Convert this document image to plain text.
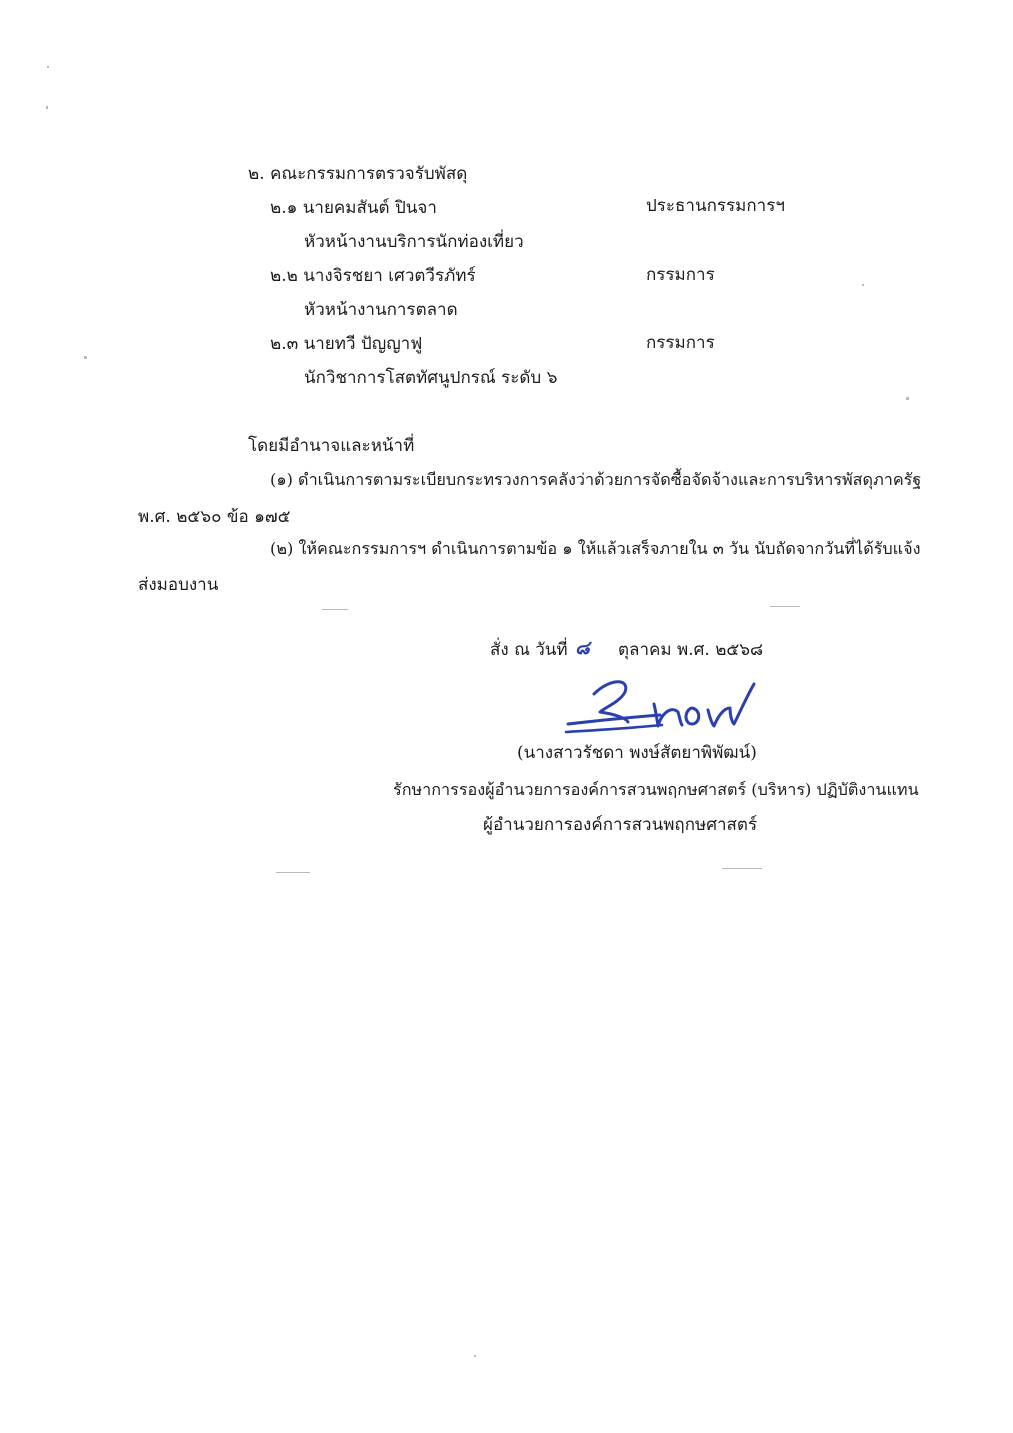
๒. คณะกรรมการตรวจรับพัสดุ
๒.๑ นายคมสันต์ ปินจา	ประธานกรรมการฯ
หัวหน้างานบริการนักท่องเที่ยว
๒.๒ นางจิรชยา เศวตวีรภัทร์	กรรมการ
หัวหน้างานการตลาด
๒.๓ นายทวี ปัญญาฟู	กรรมการ
นักวิชาการโสตทัศนูปกรณ์ ระดับ ๖
โดยมีอำนาจและหน้าที่
(๑) ดำเนินการตามระเบียบกระทรวงการคลังว่าด้วยการจัดซื้อจัดจ้างและการบริหารพัสดุภาครัฐ
พ.ศ. ๒๕๖๐ ข้อ ๑๗๕
(๒) ให้คณะกรรมการฯ ดำเนินการตามข้อ ๑ ให้แล้วเสร็จภายใน ๓ วัน นับถัดจากวันที่ได้รับแจ้ง
ส่งมอบงาน
สั่ง ณ วันที่ ๘ ตุลาคม พ.ศ. ๒๕๖๘
(นางสาวรัชดา พงษ์สัตยาพิพัฒน์)
รักษาการรองผู้อำนวยการองค์การสวนพฤกษศาสตร์ (บริหาร) ปฏิบัติงานแทน
ผู้อำนวยการองค์การสวนพฤกษศาสตร์
